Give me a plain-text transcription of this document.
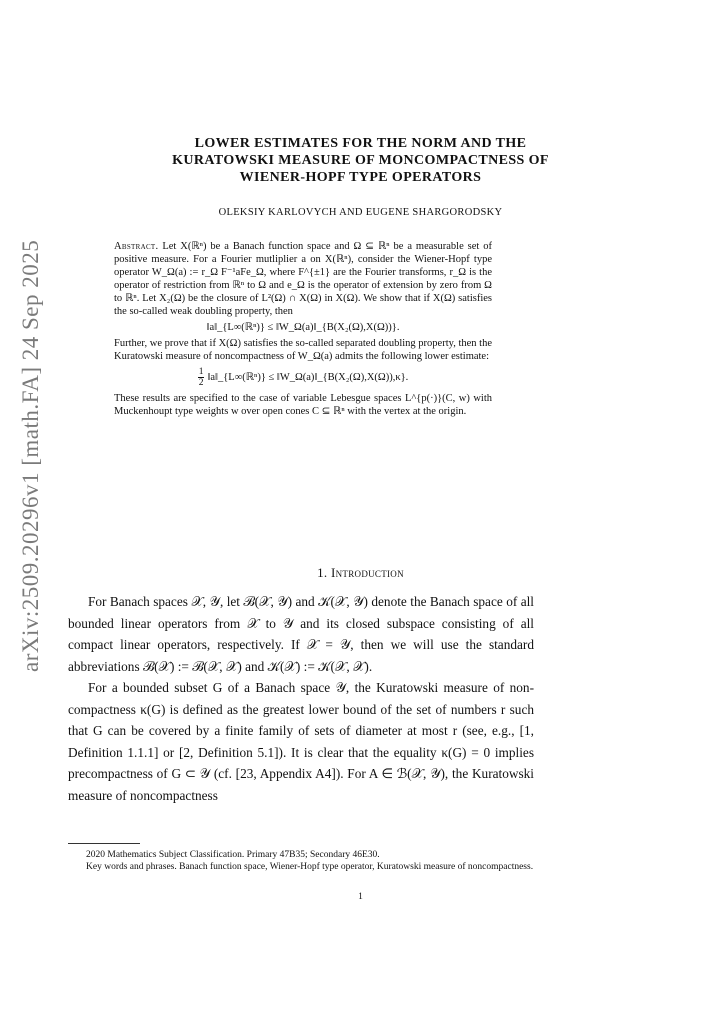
arXiv:2509.20296v1 [math.FA] 24 Sep 2025
LOWER ESTIMATES FOR THE NORM AND THE
KURATOWSKI MEASURE OF MONCOMPACTNESS OF
WIENER-HOPF TYPE OPERATORS
OLEKSIY KARLOVYCH AND EUGENE SHARGORODSKY

Abstract. Let X(ℝⁿ) be a Banach function space and Ω ⊆ ℝⁿ be a measurable set of positive measure. For a Fourier mutliplier a on X(ℝⁿ), consider the Wiener-Hopf type operator W_Ω(a) := r_Ω F⁻¹aFe_Ω, where F^{±1} are the Fourier transforms, r_Ω is the operator of restriction from ℝⁿ to Ω and e_Ω is the operator of extension by zero from Ω to ℝⁿ. Let X₂(Ω) be the closure of L²(Ω) ∩ X(Ω) in X(Ω). We show that if X(Ω) satisfies the so-called weak doubling property, then

‖a‖_{L∞(ℝⁿ)} ≤ ‖W_Ω(a)‖_{B(X₂(Ω),X(Ω))}.

Further, we prove that if X(Ω) satisfies the so-called separated doubling property, then the Kuratowski measure of noncompactness of W_Ω(a) admits the following lower estimate:

$\frac{1}{2}$ ‖a‖_{L∞(ℝⁿ)} ≤ ‖W_Ω(a)‖_{B(X₂(Ω),X(Ω)),κ}.

These results are specified to the case of variable Lebesgue spaces L^{p(·)}(C, w) with Muckenhoupt type weights w over open cones C ⊆ ℝⁿ with the vertex at the origin.

1. Introduction

For Banach spaces 𝒳, 𝒴, let ℬ(𝒳, 𝒴) and 𝒦(𝒳, 𝒴) denote the Banach space of all bounded linear operators from 𝒳 to 𝒴 and its closed subspace consisting of all compact linear operators, respectively. If 𝒳 = 𝒴, then we will use the standard abbreviations ℬ(𝒳) := ℬ(𝒳, 𝒳) and 𝒦(𝒳) := 𝒦(𝒳, 𝒳).

For a bounded subset G of a Banach space 𝒴, the Kuratowski measure of non-compactness κ(G) is defined as the greatest lower bound of the set of numbers r such that G can be covered by a finite family of sets of diameter at most r (see, e.g., [1, Definition 1.1.1] or [2, Definition 5.1]). It is clear that the equality κ(G) = 0 implies precompactness of G ⊂ 𝒴 (cf. [23, Appendix A4]). For A ∈ ℬ(𝒳, 𝒴), the Kuratowski measure of noncompactness

2020 Mathematics Subject Classification. Primary 47B35; Secondary 46E30.

Key words and phrases. Banach function space, Wiener-Hopf type operator, Kuratowski measure of noncompactness.

1
